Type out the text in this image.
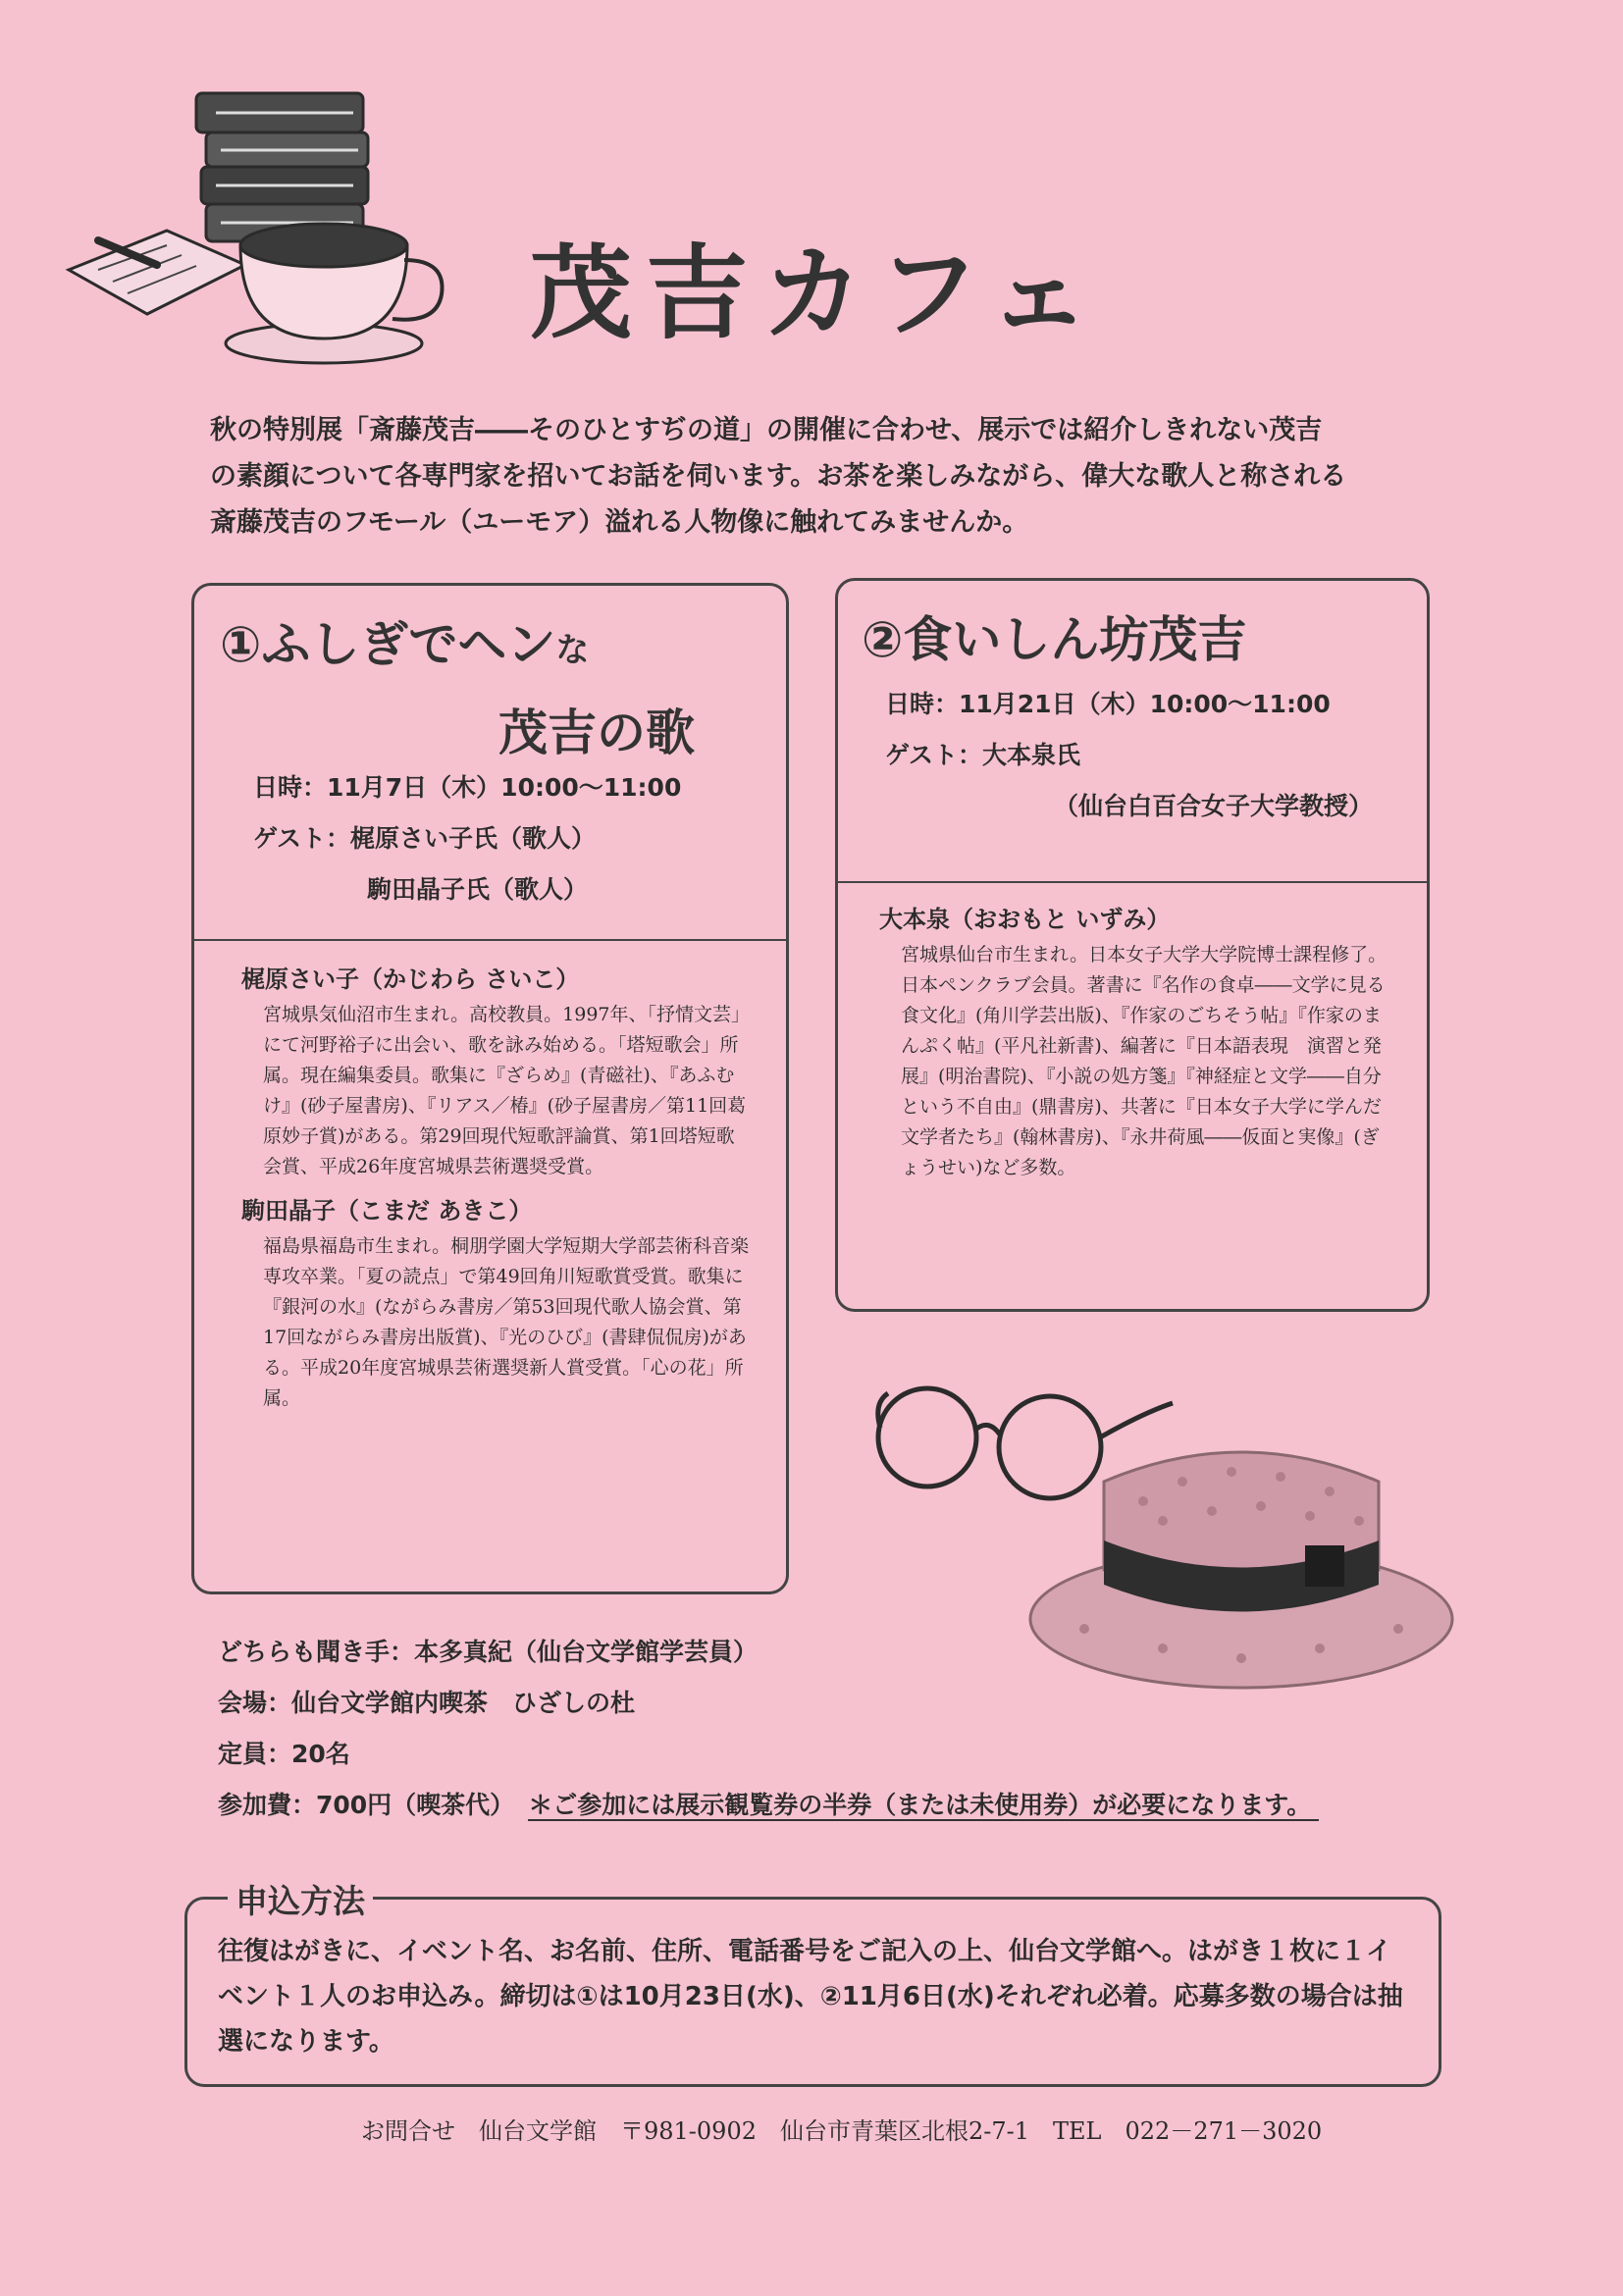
茂吉カフェ

秋の特別展「斎藤茂吉――そのひとすぢの道」の開催に合わせ、展示では紹介しきれない茂吉

の素顔について各専門家を招いてお話を伺います。お茶を楽しみながら、偉大な歌人と称される

斎藤茂吉のフモール（ユーモア）溢れる人物像に触れてみませんか。

①ふしぎでヘンな
茂吉の歌
日時：11月7日（木）10:00～11:00
ゲスト：梶原さい子氏（歌人）
駒田晶子氏（歌人）
梶原さい子（かじわら さいこ）
宮城県気仙沼市生まれ。高校教員。1997年、「抒情文芸」にて河野裕子に出会い、歌を詠み始める。「塔短歌会」所属。現在編集委員。歌集に『ざらめ』(青磁社)、『あふむけ』(砂子屋書房)、『リアス／椿』(砂子屋書房／第11回葛原妙子賞)がある。第29回現代短歌評論賞、第1回塔短歌会賞、平成26年度宮城県芸術選奨受賞。
駒田晶子（こまだ あきこ）
福島県福島市生まれ。桐朋学園大学短期大学部芸術科音楽専攻卒業。「夏の読点」で第49回角川短歌賞受賞。歌集に『銀河の水』(ながらみ書房／第53回現代歌人協会賞、第17回ながらみ書房出版賞)、『光のひび』(書肆侃侃房)がある。平成20年度宮城県芸術選奨新人賞受賞。「心の花」所属。
②食いしん坊茂吉
日時：11月21日（木）10:00～11:00
ゲスト：大本泉氏
（仙台白百合女子大学教授）
大本泉（おおもと いずみ）
宮城県仙台市生まれ。日本女子大学大学院博士課程修了。日本ペンクラブ会員。著書に『名作の食卓――文学に見る食文化』(角川学芸出版)、『作家のごちそう帖』『作家のまんぷく帖』(平凡社新書)、編著に『日本語表現　演習と発展』(明治書院)、『小説の処方箋』『神経症と文学――自分という不自由』(鼎書房)、共著に『日本女子大学に学んだ文学者たち』(翰林書房)、『永井荷風――仮面と実像』(ぎょうせい)など多数。
どちらも聞き手：本多真紀（仙台文学館学芸員）
会場：仙台文学館内喫茶　ひざしの杜
定員：20名
参加費：700円（喫茶代） ＊ご参加には展示観覧券の半券（または未使用券）が必要になります。
申込方法
往復はがきに、イベント名、お名前、住所、電話番号をご記入の上、仙台文学館へ。はがき１枚に１イベント１人のお申込み。締切は①は10月23日(水)、②11月6日(水)それぞれ必着。応募多数の場合は抽選になります。
お問合せ　仙台文学館　〒981-0902　仙台市青葉区北根2-7-1　TEL　022－271－3020
